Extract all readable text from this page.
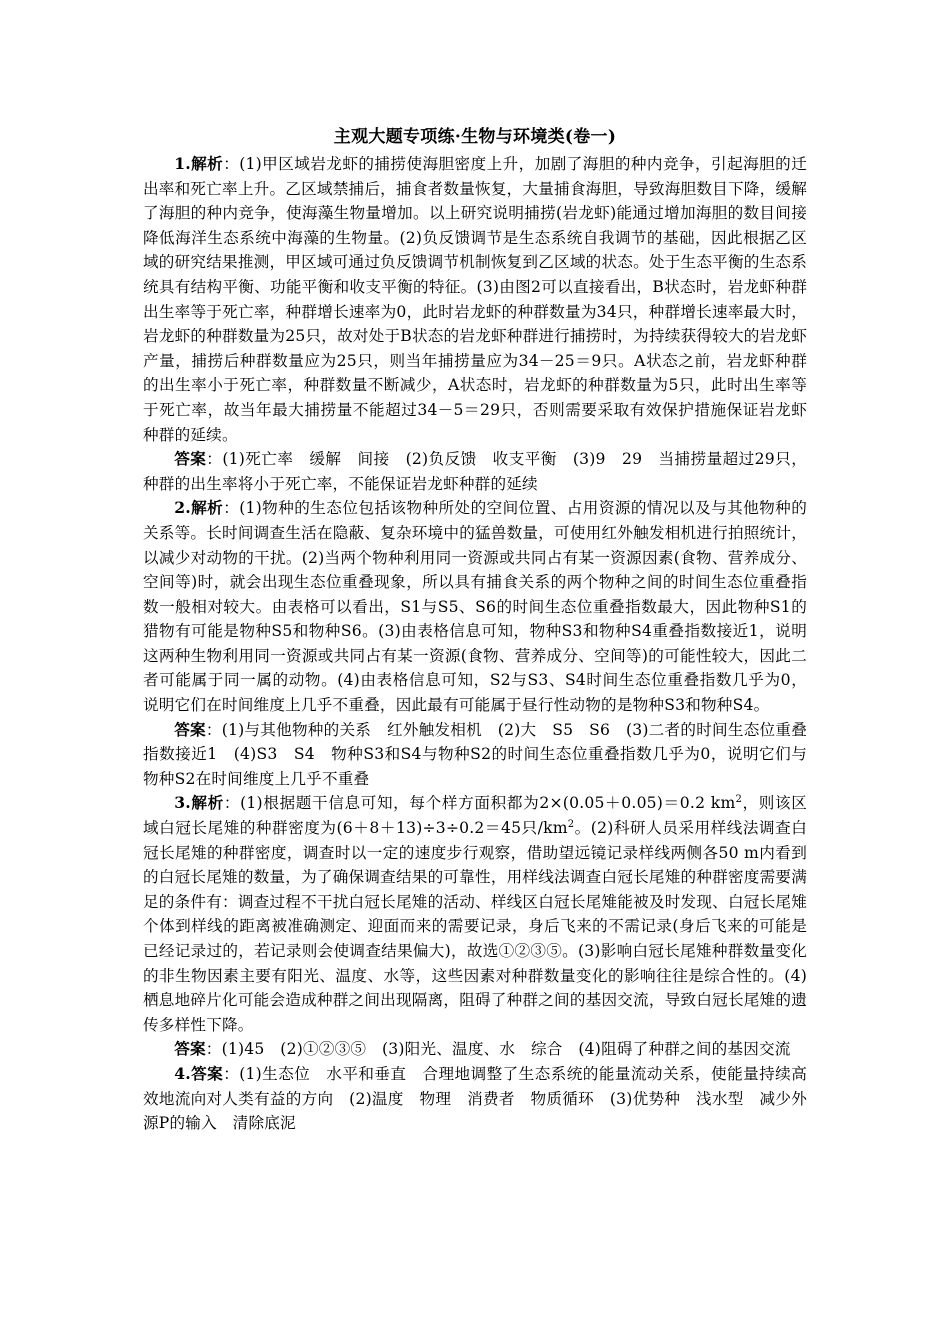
主观大题专项练·生物与环境类(卷一)

1.解析：(1)甲区域岩龙虾的捕捞使海胆密度上升，加剧了海胆的种内竞争，引起海胆的迁出率和死亡率上升。乙区域禁捕后，捕食者数量恢复，大量捕食海胆，导致海胆数目下降，缓解了海胆的种内竞争，使海藻生物量增加。以上研究说明捕捞(岩龙虾)能通过增加海胆的数目间接降低海洋生态系统中海藻的生物量。(2)负反馈调节是生态系统自我调节的基础，因此根据乙区域的研究结果推测，甲区域可通过负反馈调节机制恢复到乙区域的状态。处于生态平衡的生态系统具有结构平衡、功能平衡和收支平衡的特征。(3)由图2可以直接看出，B状态时，岩龙虾种群出生率等于死亡率，种群增长速率为0，此时岩龙虾的种群数量为34只，种群增长速率最大时，岩龙虾的种群数量为25只，故对处于B状态的岩龙虾种群进行捕捞时，为持续获得较大的岩龙虾产量，捕捞后种群数量应为25只，则当年捕捞量应为34－25＝9只。A状态之前，岩龙虾种群的出生率小于死亡率，种群数量不断减少，A状态时，岩龙虾的种群数量为5只，此时出生率等于死亡率，故当年最大捕捞量不能超过34－5＝29只，否则需要采取有效保护措施保证岩龙虾种群的延续。

答案：(1)死亡率　缓解　间接　(2)负反馈　收支平衡　(3)9　29　当捕捞量超过29只，种群的出生率将小于死亡率，不能保证岩龙虾种群的延续

2.解析：(1)物种的生态位包括该物种所处的空间位置、占用资源的情况以及与其他物种的关系等。长时间调查生活在隐蔽、复杂环境中的猛兽数量，可使用红外触发相机进行拍照统计，以减少对动物的干扰。(2)当两个物种利用同一资源或共同占有某一资源因素(食物、营养成分、空间等)时，就会出现生态位重叠现象，所以具有捕食关系的两个物种之间的时间生态位重叠指数一般相对较大。由表格可以看出，S1与S5、S6的时间生态位重叠指数最大，因此物种S1的猎物有可能是物种S5和物种S6。(3)由表格信息可知，物种S3和物种S4重叠指数接近1，说明这两种生物利用同一资源或共同占有某一资源(食物、营养成分、空间等)的可能性较大，因此二者可能属于同一属的动物。(4)由表格信息可知，S2与S3、S4时间生态位重叠指数几乎为0，说明它们在时间维度上几乎不重叠，因此最有可能属于昼行性动物的是物种S3和物种S4。

答案：(1)与其他物种的关系　红外触发相机　(2)大　S5　S6　(3)二者的时间生态位重叠指数接近1　(4)S3　S4　物种S3和S4与物种S2的时间生态位重叠指数几乎为0，说明它们与物种S2在时间维度上几乎不重叠

3.解析：(1)根据题干信息可知，每个样方面积都为2×(0.05＋0.05)＝0.2 $km^2$，则该区域白冠长尾雉的种群密度为(6＋8＋13)÷3÷0.2＝45只$/km^2$。(2)科研人员采用样线法调查白冠长尾雉的种群密度，调查时以一定的速度步行观察，借助望远镜记录样线两侧各50 m内看到的白冠长尾雉的数量，为了确保调查结果的可靠性，用样线法调查白冠长尾雉的种群密度需要满足的条件有：调查过程不干扰白冠长尾雉的活动、样线区白冠长尾雉能被及时发现、白冠长尾雉个体到样线的距离被准确测定、迎面而来的需要记录，身后飞来的不需记录(身后飞来的可能是已经记录过的，若记录则会使调查结果偏大)，故选①②③⑤。(3)影响白冠长尾雉种群数量变化的非生物因素主要有阳光、温度、水等，这些因素对种群数量变化的影响往往是综合性的。(4)栖息地碎片化可能会造成种群之间出现隔离，阻碍了种群之间的基因交流，导致白冠长尾雉的遗传多样性下降。

答案：(1)45　(2)①②③⑤　(3)阳光、温度、水　综合　(4)阻碍了种群之间的基因交流

4.答案：(1)生态位　水平和垂直　合理地调整了生态系统的能量流动关系，使能量持续高效地流向对人类有益的方向　(2)温度　物理　消费者　物质循环　(3)优势种　浅水型　减少外源P的输入　清除底泥
